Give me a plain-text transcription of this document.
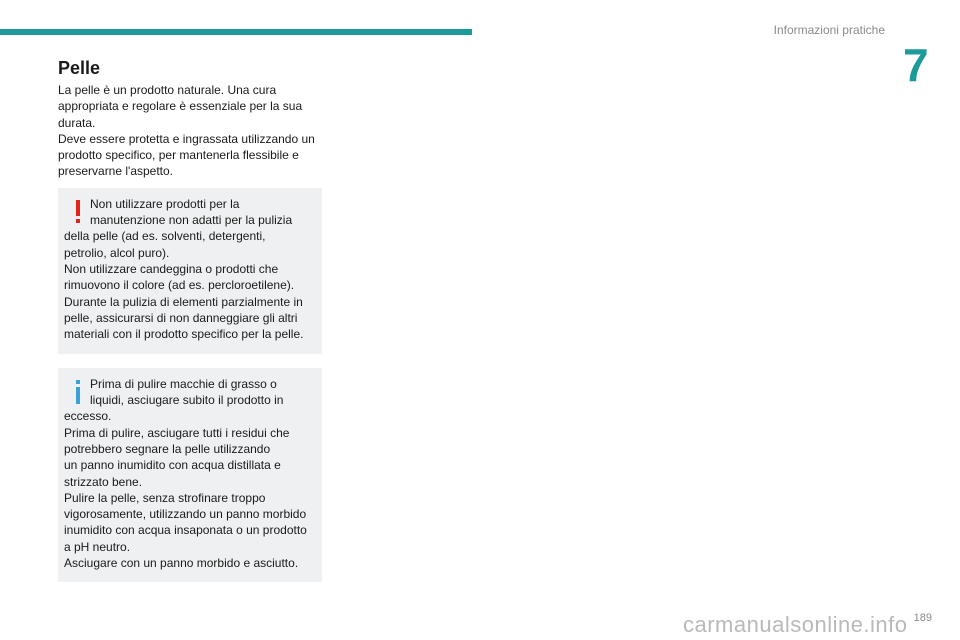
Informazioni pratiche
7
Pelle
La pelle è un prodotto naturale. Una cura
appropriata e regolare è essenziale per la sua
durata.
Deve essere protetta e ingrassata utilizzando un
prodotto specifico, per mantenerla flessibile e
preservarne l'aspetto.
Non utilizzare prodotti per la
manutenzione non adatti per la pulizia
della pelle (ad es. solventi, detergenti,
petrolio, alcol puro).
Non utilizzare candeggina o prodotti che
rimuovono il colore (ad es. percloroetilene).
Durante la pulizia di elementi parzialmente in
pelle, assicurarsi di non danneggiare gli altri
materiali con il prodotto specifico per la pelle.
Prima di pulire macchie di grasso o
liquidi, asciugare subito il prodotto in
eccesso.
Prima di pulire, asciugare tutti i residui che
potrebbero segnare la pelle utilizzando
un panno inumidito con acqua distillata e
strizzato bene.
Pulire la pelle, senza strofinare troppo
vigorosamente, utilizzando un panno morbido
inumidito con acqua insaponata o un prodotto
a pH neutro.
Asciugare con un panno morbido e asciutto.
carmanualsonline.info 189
